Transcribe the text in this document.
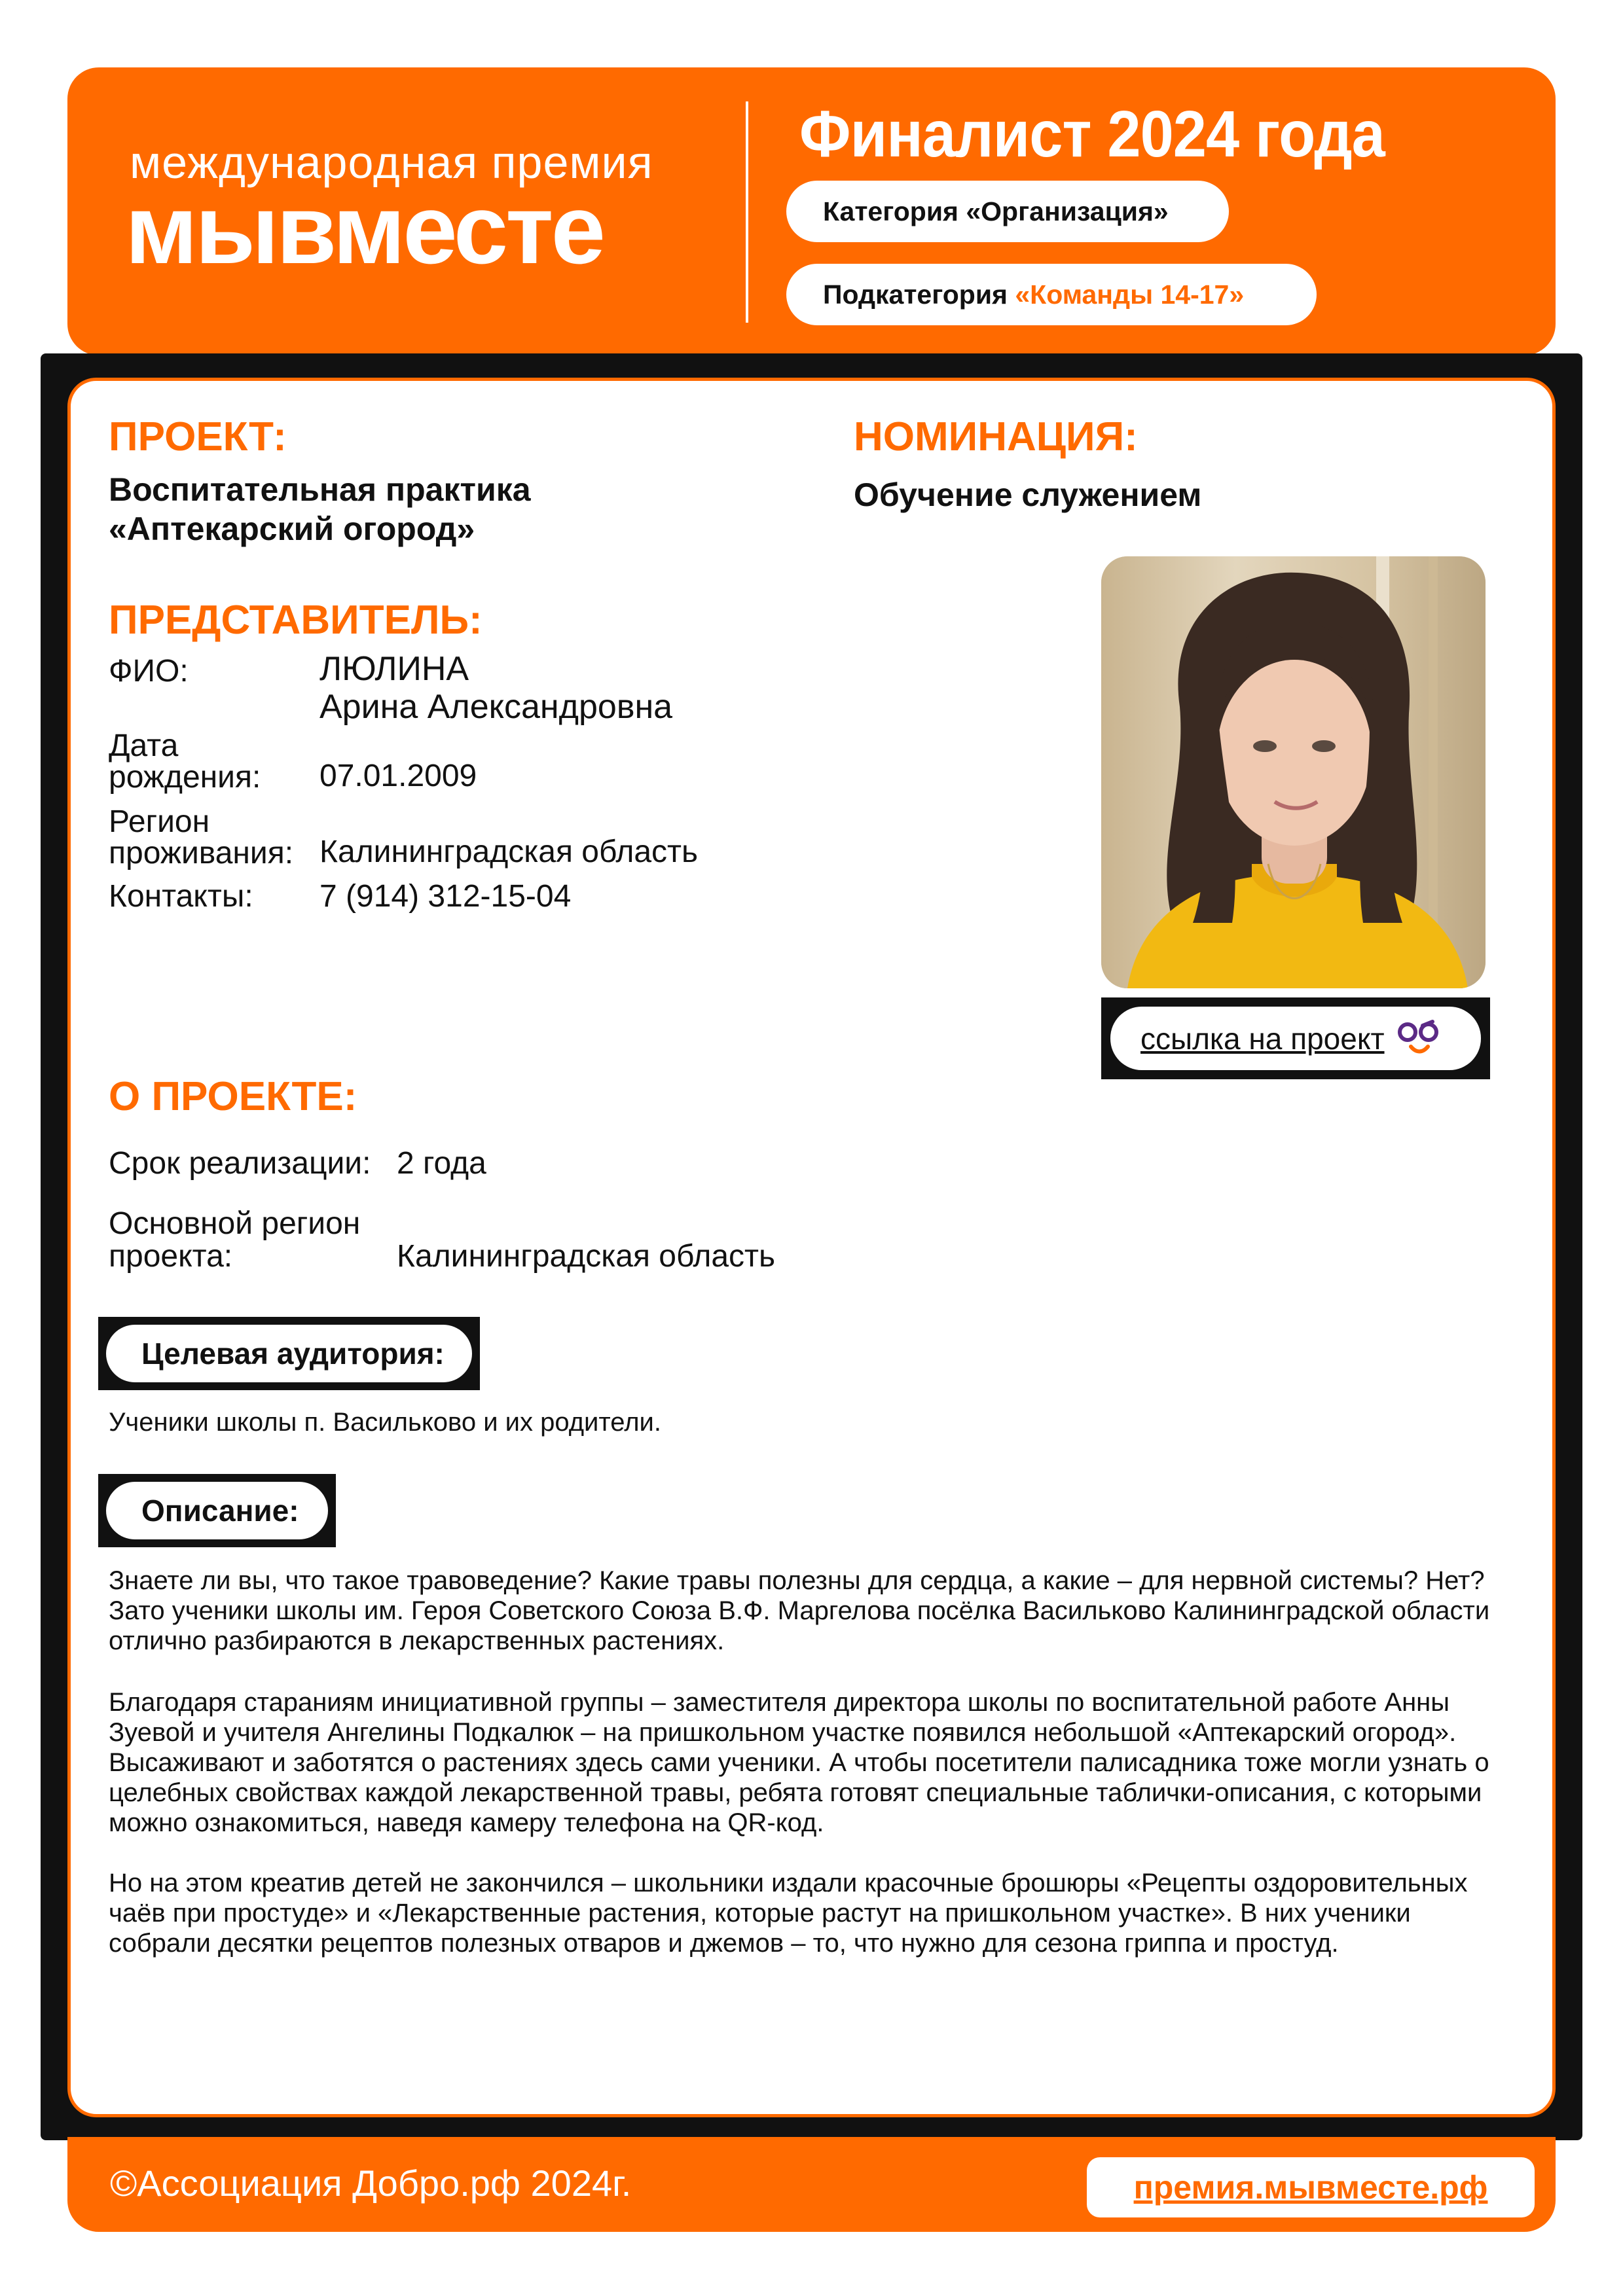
международная премия
мывместе
Финалист 2024 года
Категория «Организация»
Подкатегория
«Команды 14-17»
ПРОЕКТ:
Воспитательная практика
«Аптекарский огород»
НОМИНАЦИЯ:
Обучение служением
ПРЕДСТАВИТЕЛЬ:
ФИО:	ЛЮЛИНА
Арина Александровна
Дата
рождения: 07.01.2009
Регион
проживания: Калининградская область
Контакты: 7 (914) 312-15-04
ссылка на проект
О ПРОЕКТЕ:
Срок реализации: 2 года
Основной регион
проекта:	Калининградская область
Целевая аудитория:
Ученики школы п. Васильково и их родители.
Описание:
Знаете ли вы, что такое травоведение? Какие травы полезны для сердца, а какие – для нервной системы? Нет? Зато ученики школы им. Героя Советского Союза В.Ф. Маргелова посёлка Васильково Калининградской области отлично разбираются в лекарственных растениях.
Благодаря стараниям инициативной группы – заместителя директора школы по воспитательной работе Анны Зуевой и учителя Ангелины Подкалюк – на пришкольном участке появился небольшой «Аптекарский огород». Высаживают и заботятся о растениях здесь сами ученики. А чтобы посетители палисадника тоже могли узнать о целебных свойствах каждой лекарственной травы, ребята готовят специальные таблички-описания, с которыми можно ознакомиться, наведя камеру телефона на QR-код.
Но на этом креатив детей не закончился – школьники издали красочные брошюры «Рецепты оздоровительных чаёв при простуде» и «Лекарственные растения, которые растут на пришкольном участке». В них ученики собрали десятки рецептов полезных отваров и джемов – то, что нужно для сезона гриппа и простуд.
©Ассоциация Добро.рф 2024г.	премия.мывместе.рф
